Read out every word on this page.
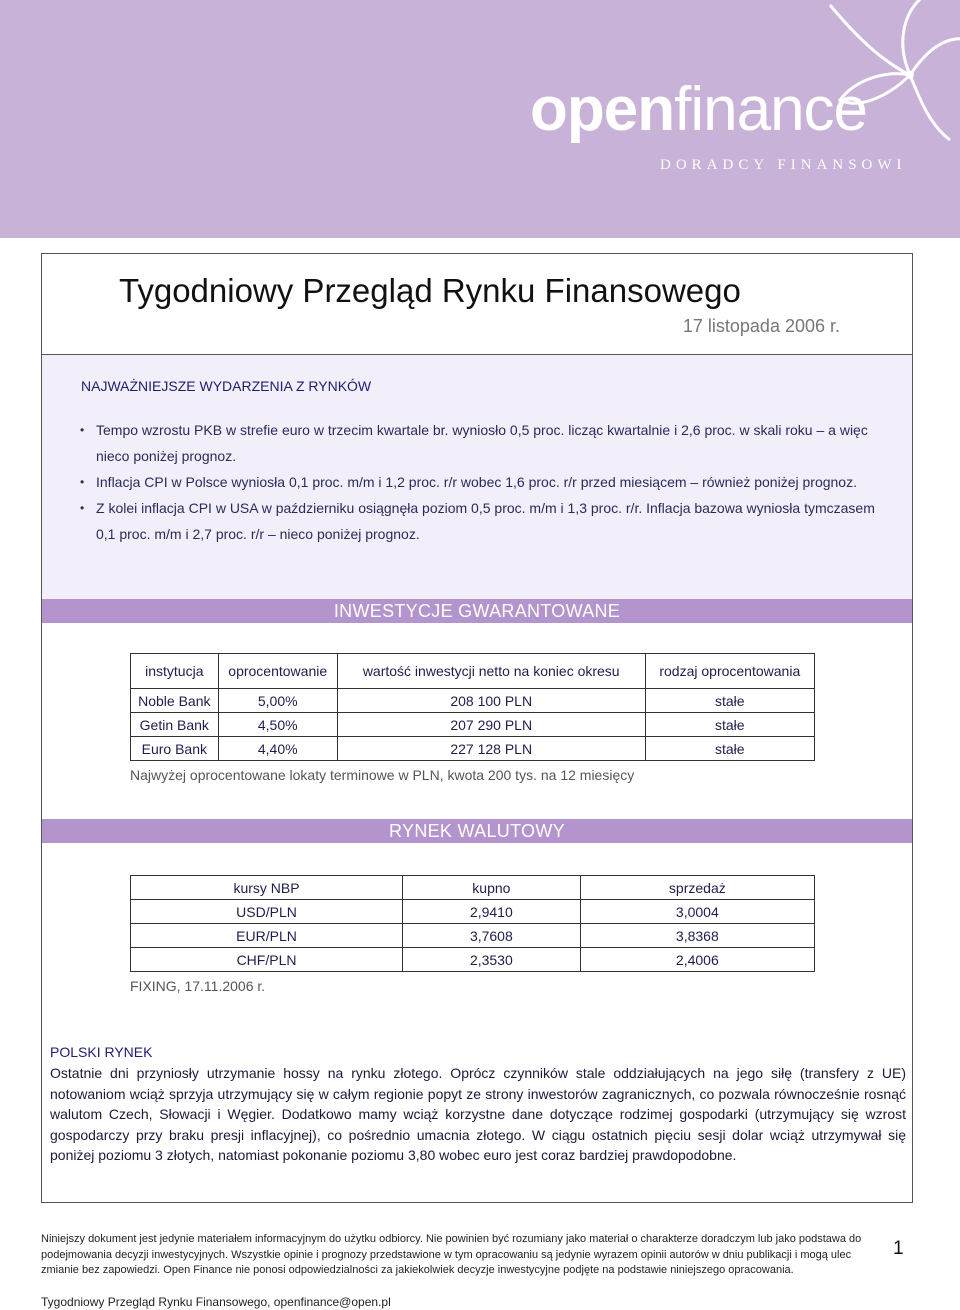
openfinance
DORADCY FINANSOWI
Tygodniowy Przegląd Rynku Finansowego
17 listopada 2006 r.
NAJWAŻNIEJSZE WYDARZENIA Z RYNKÓW
• Tempo wzrostu PKB w strefie euro w trzecim kwartale br. wyniosło 0,5 proc. licząc kwartalnie i 2,6 proc. w skali roku – a więc nieco poniżej prognoz.
• Inflacja CPI w Polsce wyniosła 0,1 proc. m/m i 1,2 proc. r/r wobec 1,6 proc. r/r przed miesiącem – również poniżej prognoz.
• Z kolei inflacja CPI w USA w październiku osiągnęła poziom 0,5 proc. m/m i 1,3 proc. r/r. Inflacja bazowa wyniosła tymczasem 0,1 proc. m/m i 2,7 proc. r/r – nieco poniżej prognoz.
INWESTYCJE GWARANTOWANE
instytucja	oprocentowanie	wartość inwestycji netto na koniec okresu	rodzaj oprocentowania
Noble Bank	5,00%	208 100 PLN	stałe
Getin Bank	4,50%	207 290 PLN	stałe
Euro Bank	4,40%	227 128 PLN	stałe
Najwyżej oprocentowane lokaty terminowe w PLN, kwota 200 tys. na 12 miesięcy
RYNEK WALUTOWY
kursy NBP	kupno	sprzedaż
USD/PLN	2,9410	3,0004
EUR/PLN	3,7608	3,8368
CHF/PLN	2,3530	2,4006
FIXING, 17.11.2006 r.
POLSKI RYNEK
Ostatnie dni przyniosły utrzymanie hossy na rynku złotego. Oprócz czynników stale oddziałujących na jego siłę (transfery z UE) notowaniom wciąż sprzyja utrzymujący się w całym regionie popyt ze strony inwestorów zagranicznych, co pozwala równocześnie rosnąć walutom Czech, Słowacji i Węgier. Dodatkowo mamy wciąż korzystne dane dotyczące rodzimej gospodarki (utrzymujący się wzrost gospodarczy przy braku presji inflacyjnej), co pośrednio umacnia złotego. W ciągu ostatnich pięciu sesji dolar wciąż utrzymywał się poniżej poziomu 3 złotych, natomiast pokonanie poziomu 3,80 wobec euro jest coraz bardziej prawdopodobne.
Niniejszy dokument jest jedynie materiałem informacyjnym do użytku odbiorcy. Nie powinien być rozumiany jako materiał o charakterze doradczym lub jako podstawa do podejmowania decyzji inwestycyjnych. Wszystkie opinie i prognozy przedstawione w tym opracowaniu są jedynie wyrazem opinii autorów w dniu publikacji i mogą ulec zmianie bez zapowiedzi. Open Finance nie ponosi odpowiedzialności za jakiekolwiek decyzje inwestycyjne podjęte na podstawie niniejszego opracowania.
1
Tygodniowy Przegląd Rynku Finansowego, openfinance@open.pl
